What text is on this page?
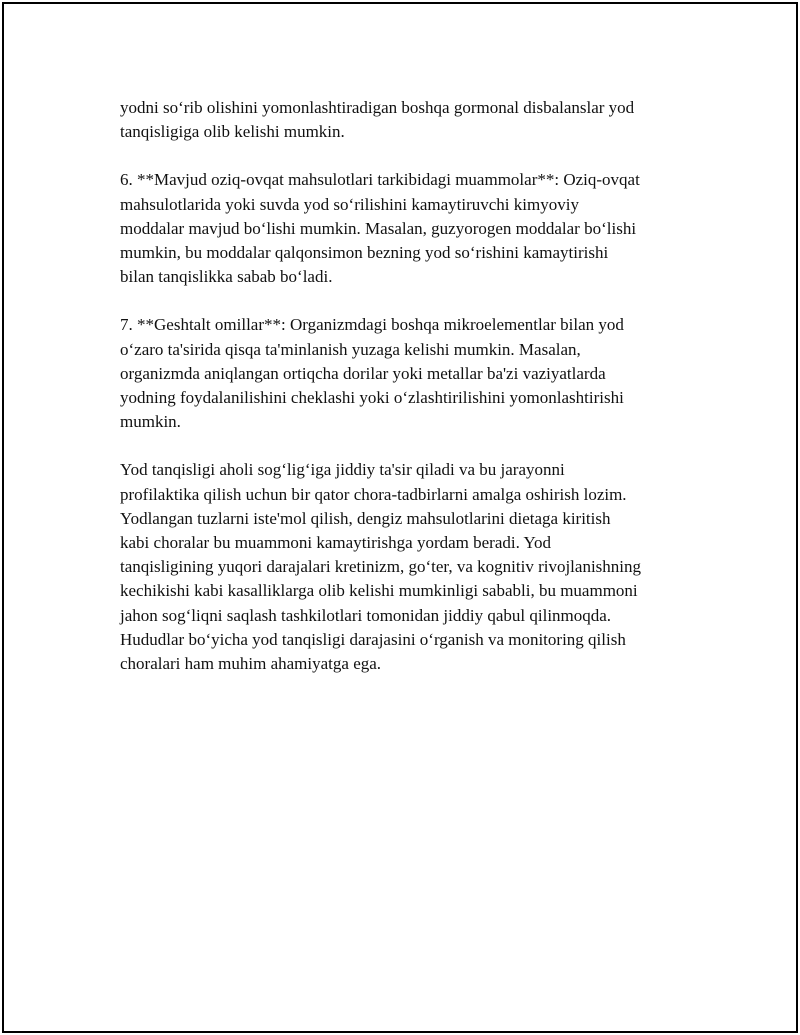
yodni so‘rib olishini yomonlashtiradigan boshqa gormonal disbalanslar yod
tanqisligiga olib kelishi mumkin.

6. **Mavjud oziq-ovqat mahsulotlari tarkibidagi muammolar**: Oziq-ovqat
mahsulotlarida yoki suvda yod so‘rilishini kamaytiruvchi kimyoviy
moddalar mavjud bo‘lishi mumkin. Masalan, guzyorogen moddalar bo‘lishi
mumkin, bu moddalar qalqonsimon bezning yod so‘rishini kamaytirishi
bilan tanqislikka sabab bo‘ladi.

7. **Geshtalt omillar**: Organizmdagi boshqa mikroelementlar bilan yod
o‘zaro ta'sirida qisqa ta'minlanish yuzaga kelishi mumkin. Masalan,
organizmda aniqlangan ortiqcha dorilar yoki metallar ba'zi vaziyatlarda
yodning foydalanilishini cheklashi yoki o‘zlashtirilishini yomonlashtirishi
mumkin.

Yod tanqisligi aholi sog‘lig‘iga jiddiy ta'sir qiladi va bu jarayonni
profilaktika qilish uchun bir qator chora-tadbirlarni amalga oshirish lozim.
Yodlangan tuzlarni iste'mol qilish, dengiz mahsulotlarini dietaga kiritish
kabi choralar bu muammoni kamaytirishga yordam beradi. Yod
tanqisligining yuqori darajalari kretinizm, go‘ter, va kognitiv rivojlanishning
kechikishi kabi kasalliklarga olib kelishi mumkinligi sababli, bu muammoni
jahon sog‘liqni saqlash tashkilotlari tomonidan jiddiy qabul qilinmoqda.
Hududlar bo‘yicha yod tanqisligi darajasini o‘rganish va monitoring qilish
choralari ham muhim ahamiyatga ega.
